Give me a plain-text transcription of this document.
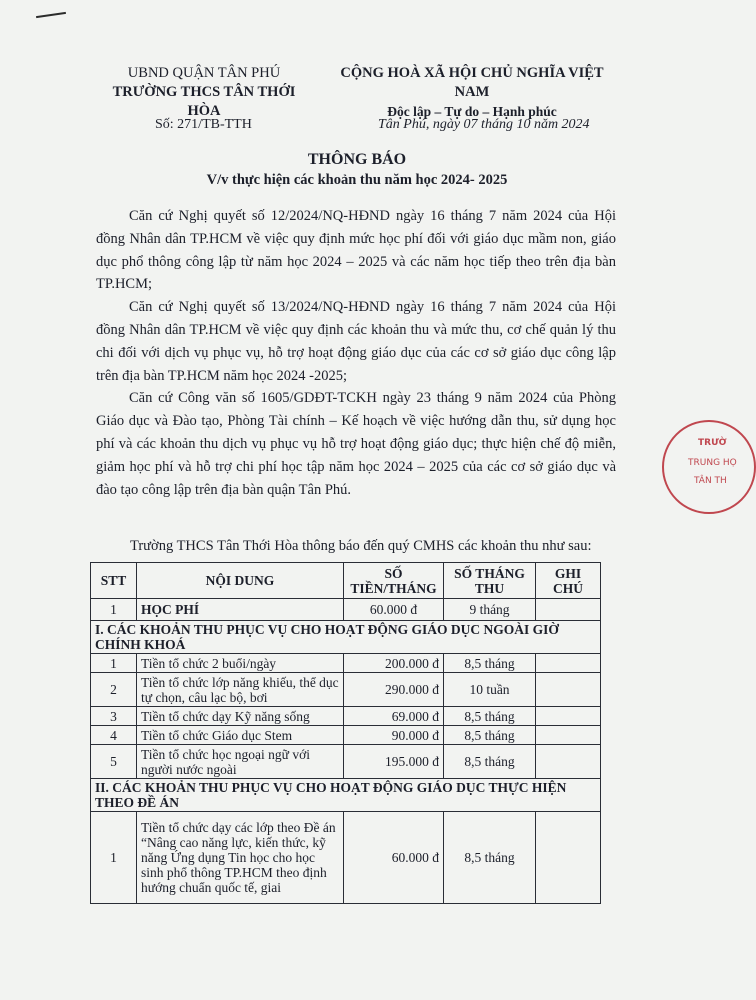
UBND QUẬN TÂN PHÚ
TRƯỜNG THCS TÂN THỚI HÒA
CỘNG HOÀ XÃ HỘI CHỦ NGHĨA VIỆT NAM
Độc lập – Tự do – Hạnh phúc
Số: 271/TB-TTH	Tân Phú, ngày 07 tháng 10 năm 2024
THÔNG BÁO
V/v thực hiện các khoản thu năm học 2024- 2025

Căn cứ Nghị quyết số 12/2024/NQ-HĐND ngày 16 tháng 7 năm 2024 của Hội đồng Nhân dân TP.HCM về việc quy định mức học phí đối với giáo dục mầm non, giáo dục phổ thông công lập từ năm học 2024 – 2025 và các năm học tiếp theo trên địa bàn TP.HCM;

Căn cứ Nghị quyết số 13/2024/NQ-HĐND ngày 16 tháng 7 năm 2024 của Hội đồng Nhân dân TP.HCM về việc quy định các khoản thu và mức thu, cơ chế quản lý thu chi đối với dịch vụ phục vụ, hỗ trợ hoạt động giáo dục của các cơ sở giáo dục công lập trên địa bàn TP.HCM năm học 2024 -2025;

Căn cứ Công văn số 1605/GDĐT-TCKH ngày 23 tháng 9 năm 2024 của Phòng Giáo dục và Đào tạo, Phòng Tài chính – Kế hoạch về việc hướng dẫn thu, sử dụng học phí và các khoản thu dịch vụ phục vụ hỗ trợ hoạt động giáo dục; thực hiện chế độ miễn, giảm học phí và hỗ trợ chi phí học tập năm học 2024 – 2025 của các cơ sở giáo dục và đào tạo công lập trên địa bàn quận Tân Phú.

Trường THCS Tân Thới Hòa thông báo đến quý CMHS các khoản thu như sau:
STT	NỘI DUNG	SỐ TIỀN/THÁNG	SỐ THÁNG THU	GHI CHÚ
1	HỌC PHÍ	60.000 đ	9 tháng	
I. CÁC KHOẢN THU PHỤC VỤ CHO HOẠT ĐỘNG GIÁO DỤC NGOÀI GIỜ CHÍNH KHOÁ				
1	Tiền tổ chức 2 buổi/ngày	200.000 đ	8,5 tháng	
2	Tiền tổ chức lớp năng khiếu, thể dục tự chọn, câu lạc bộ, bơi	290.000 đ	10 tuần	
3	Tiền tổ chức dạy Kỹ năng sống	69.000 đ	8,5 tháng	
4	Tiền tổ chức Giáo dục Stem	90.000 đ	8,5 tháng	
5	Tiền tổ chức học ngoại ngữ với người nước ngoài	195.000 đ	8,5 tháng	
II. CÁC KHOẢN THU PHỤC VỤ CHO HOẠT ĐỘNG GIÁO DỤC THỰC HIỆN THEO ĐỀ ÁN				
1	Tiền tổ chức dạy các lớp theo Đề án “Nâng cao năng lực, kiến thức, kỹ năng Ứng dụng Tin học cho học sinh phổ thông TP.HCM theo định hướng chuẩn quốc tế, giai	60.000 đ	8,5 tháng	
TRƯỜ
TRUNG HỌ
TÂN TH
